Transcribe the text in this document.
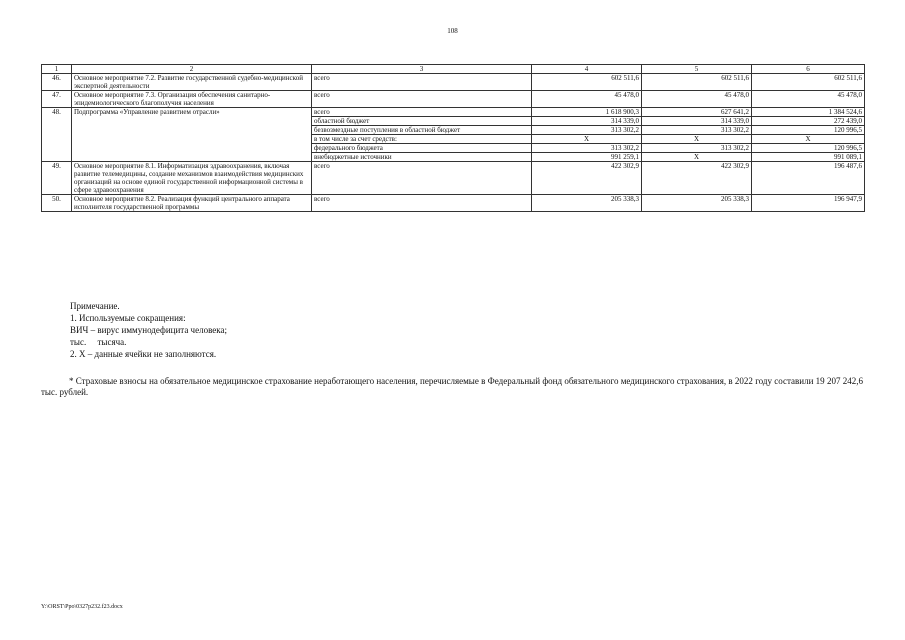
108
1	2	3	4	5	6
46.	Основное мероприятие 7.2. Развитие государственной судебно-медицинской экспертной деятельности	всего	602 511,6	602 511,6	602 511,6
47.	Основное мероприятие 7.3. Организация обеспечения санитарно-эпидемиологического благополучия населения	всего	45 478,0	45 478,0	45 478,0
48.	Подпрограмма «Управление развитием отрасли»	всего	1 618 900,3	627 641,2	1 384 524,6
		областной бюджет	314 339,0	314 339,0	272 439,0
		безвозмездные поступления в областной бюджет	313 302,2	313 302,2	120 996,5
		в том числе за счет средств:	X	X	X
		федерального бюджета	313 302,2	313 302,2	120 996,5
		внебюджетные источники	991 259,1	X	991 089,1
49.	Основное мероприятие 8.1. Информатизация здравоохранения, включая развитие телемедицины, создание механизмов взаимодействия медицинских организаций на основе единой государственной информационной системы в сфере здравоохранения	всего	422 302,9	422 302,9	196 487,6
50.	Основное мероприятие 8.2. Реализация функций центрального аппарата исполнителя государственной программы	всего	205 338,3	205 338,3	196 947,9
Примечание.
1. Используемые сокращения:
ВИЧ – вирус иммунодефицита человека;
тыс.     тысяча.
2. Х – данные ячейки не заполняются.
* Страховые взносы на обязательное медицинское страхование неработающего населения, перечисляемые в Федеральный фонд обязательного медицинского страхования, в 2022 году составили 19 207 242,6 тыс. рублей.
Y:\ORST\Ppo\0327p232.f23.docx
